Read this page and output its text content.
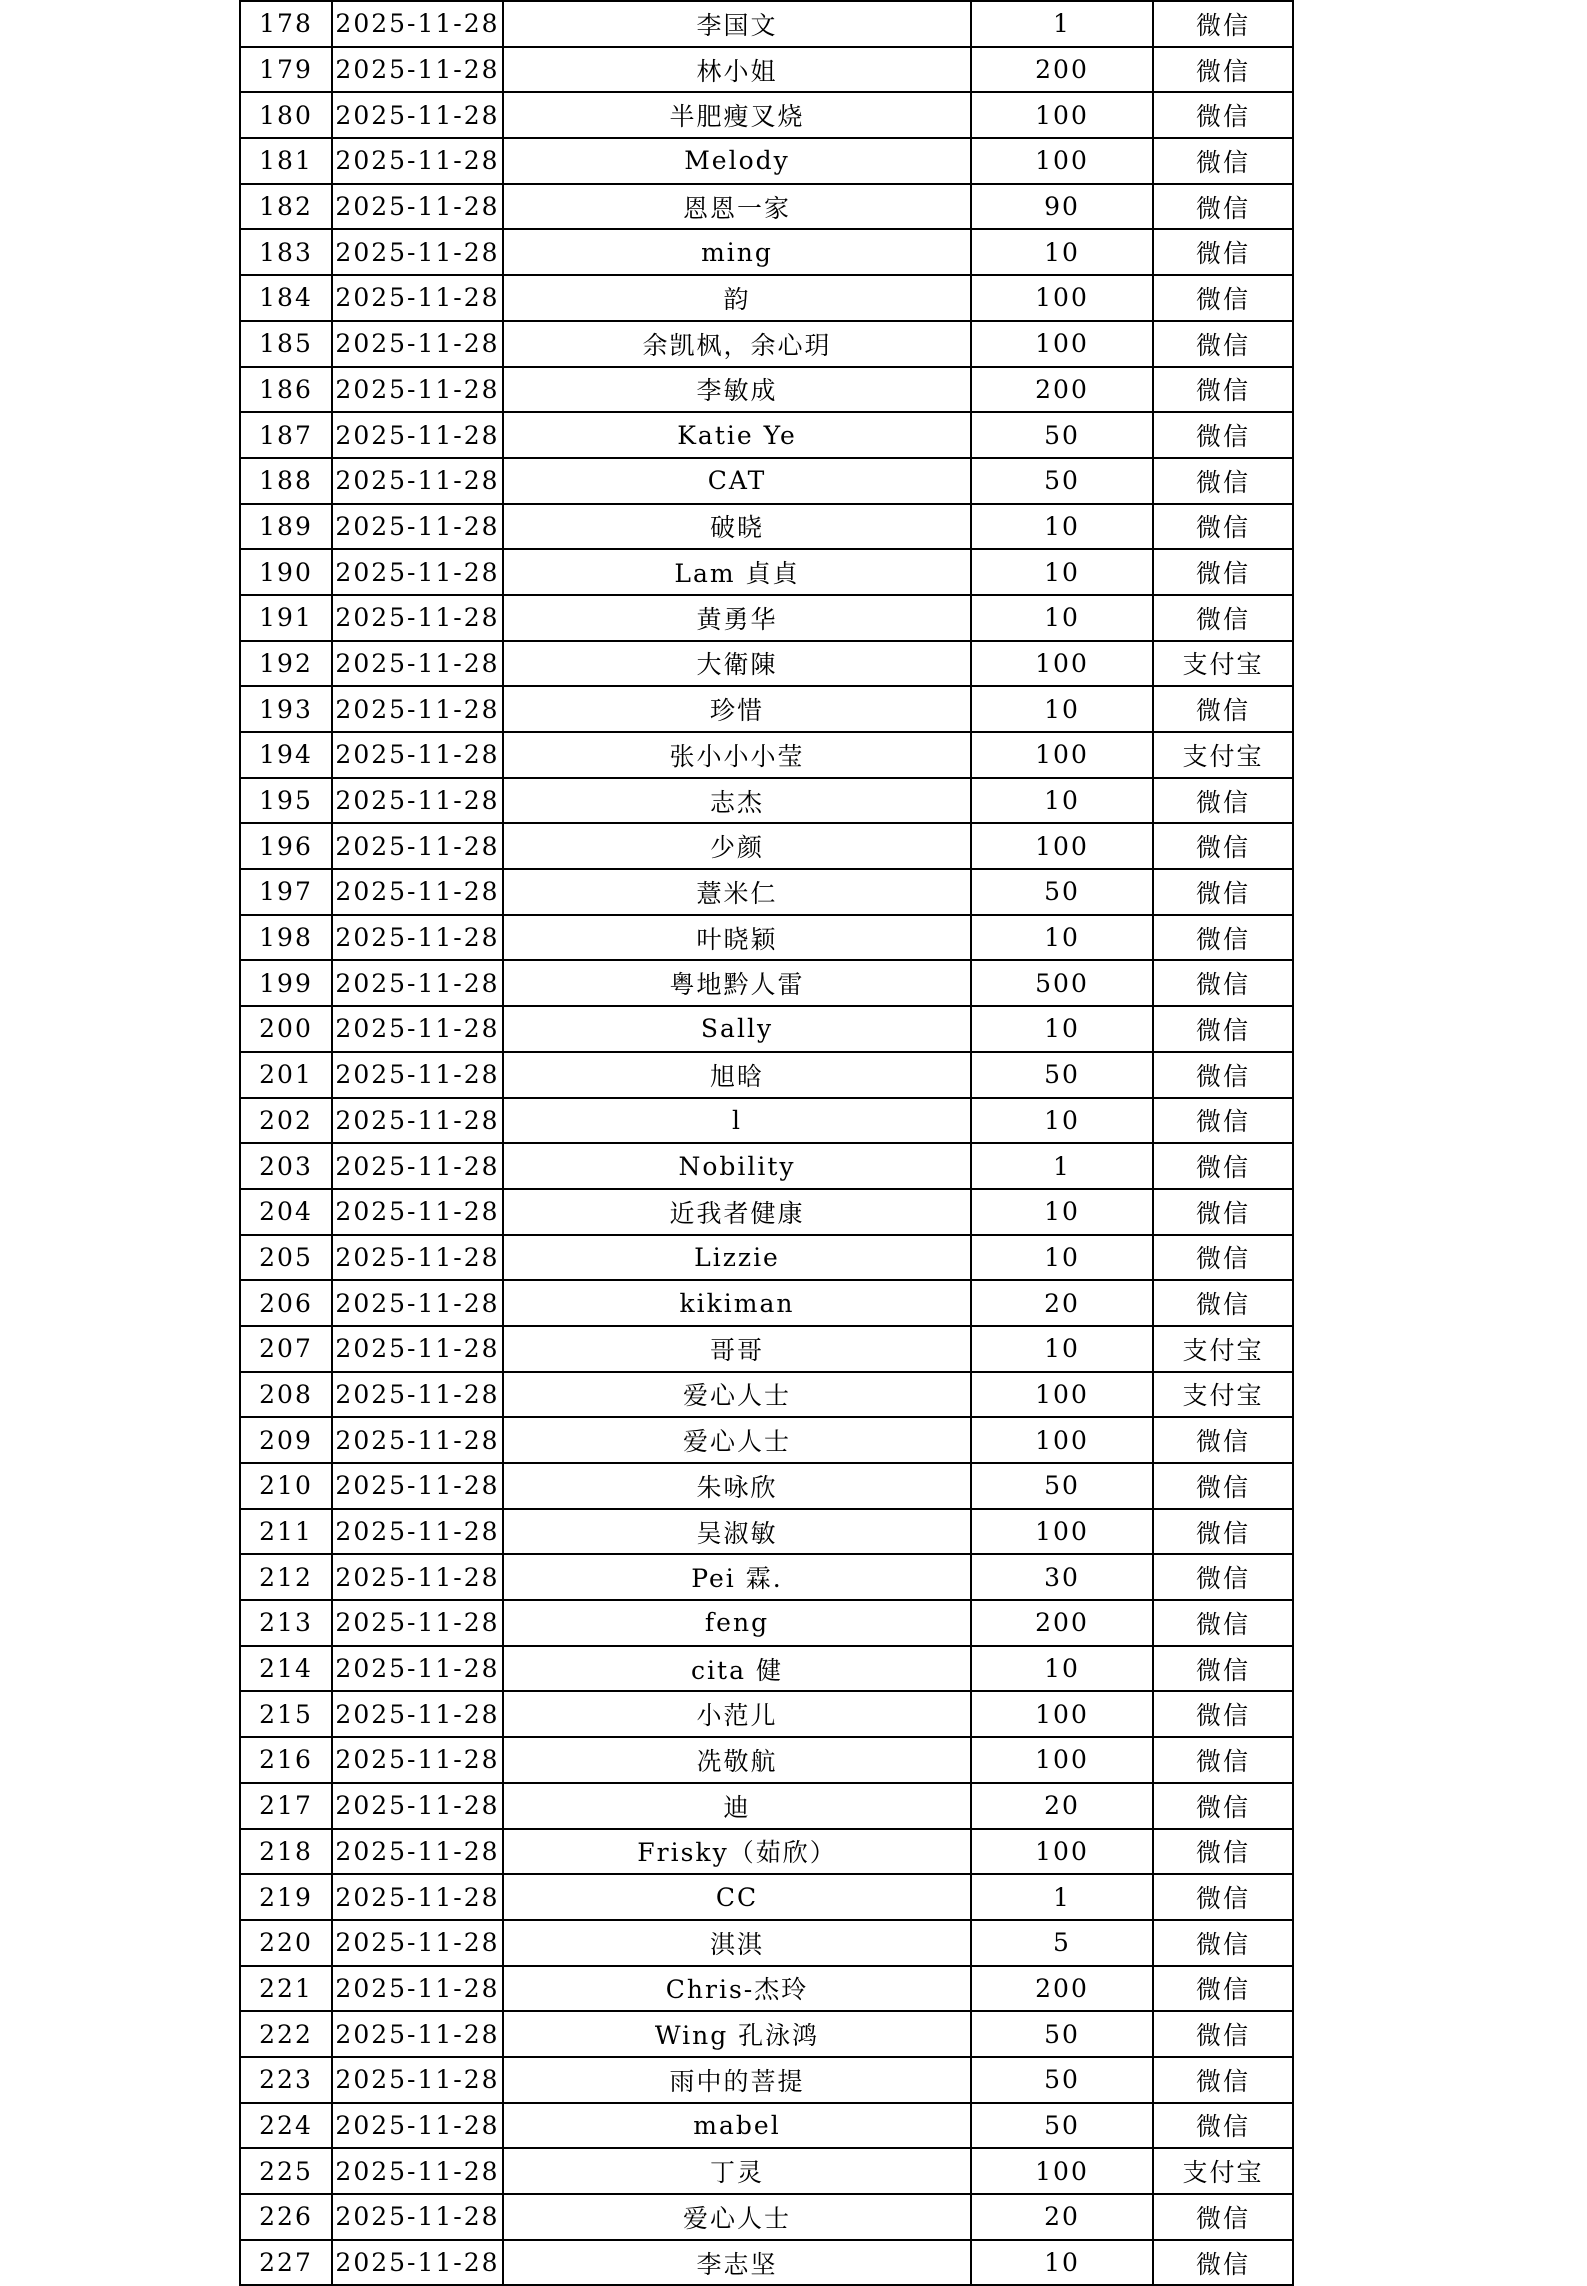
178	2025-11-28	李国文	1	微信
179	2025-11-28	林小姐	200	微信
180	2025-11-28	半肥瘦叉烧	100	微信
181	2025-11-28	Melody	100	微信
182	2025-11-28	恩恩一家	90	微信
183	2025-11-28	ming	10	微信
184	2025-11-28	韵	100	微信
185	2025-11-28	余凯枫，余心玥	100	微信
186	2025-11-28	李敏成	200	微信
187	2025-11-28	Katie Ye	50	微信
188	2025-11-28	CAT	50	微信
189	2025-11-28	破晓	10	微信
190	2025-11-28	Lam 貞貞	10	微信
191	2025-11-28	黄勇华	10	微信
192	2025-11-28	大衛陳	100	支付宝
193	2025-11-28	珍惜	10	微信
194	2025-11-28	张小小小莹	100	支付宝
195	2025-11-28	志杰	10	微信
196	2025-11-28	少颜	100	微信
197	2025-11-28	薏米仁	50	微信
198	2025-11-28	叶晓颖	10	微信
199	2025-11-28	粤地黔人雷	500	微信
200	2025-11-28	Sally	10	微信
201	2025-11-28	旭晗	50	微信
202	2025-11-28	l	10	微信
203	2025-11-28	Nobility	1	微信
204	2025-11-28	近我者健康	10	微信
205	2025-11-28	Lizzie	10	微信
206	2025-11-28	kikiman	20	微信
207	2025-11-28	哥哥	10	支付宝
208	2025-11-28	爱心人士	100	支付宝
209	2025-11-28	爱心人士	100	微信
210	2025-11-28	朱咏欣	50	微信
211	2025-11-28	吴淑敏	100	微信
212	2025-11-28	Pei 霖.	30	微信
213	2025-11-28	feng	200	微信
214	2025-11-28	cita 健	10	微信
215	2025-11-28	小范儿	100	微信
216	2025-11-28	冼敬航	100	微信
217	2025-11-28	迪	20	微信
218	2025-11-28	Frisky（茹欣）	100	微信
219	2025-11-28	CC	1	微信
220	2025-11-28	淇淇	5	微信
221	2025-11-28	Chris-杰玲	200	微信
222	2025-11-28	Wing 孔泳鸿	50	微信
223	2025-11-28	雨中的菩提	50	微信
224	2025-11-28	mabel	50	微信
225	2025-11-28	丁灵	100	支付宝
226	2025-11-28	爱心人士	20	微信
227	2025-11-28	李志坚	10	微信
